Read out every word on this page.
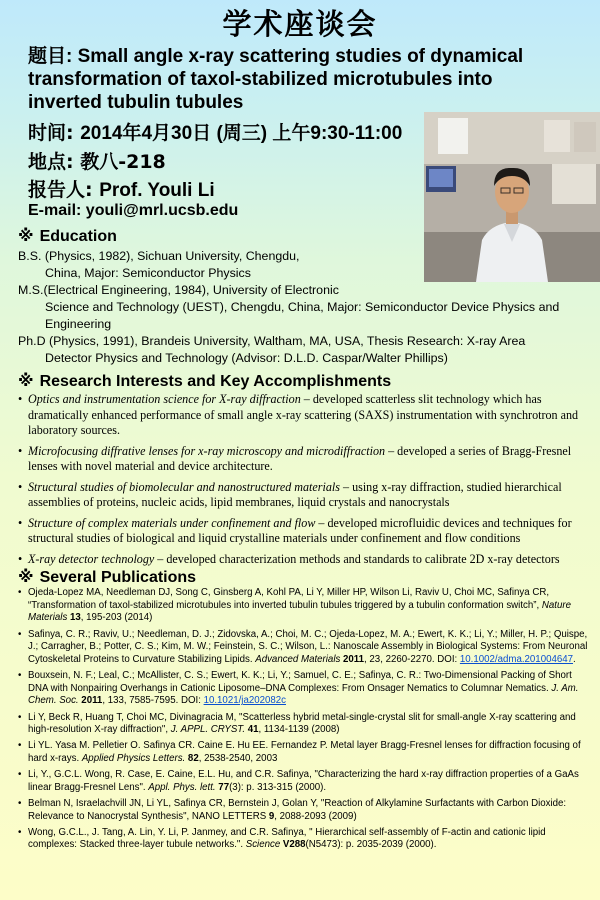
学术座谈会
题目: Small angle x-ray scattering studies of dynamical transformation of taxol-stabilized microtubules into inverted tubulin tubules
时间: 2014年4月30日 (周三) 上午9:30-11:00
地点: 教八-218
报告人: Prof. Youli Li
E-mail: youli@mrl.ucsb.edu
※ Education
B.S. (Physics, 1982), Sichuan University, Chengdu,
China, Major: Semiconductor Physics
M.S.(Electrical Engineering, 1984), University of Electronic
Science and Technology (UEST), Chengdu, China, Major: Semiconductor Device Physics and Engineering
Ph.D (Physics, 1991), Brandeis University, Waltham, MA, USA, Thesis Research: X-ray Area
Detector Physics and Technology (Advisor: D.L.D. Caspar/Walter Phillips)
※ Research Interests and Key Accomplishments
• Optics and instrumentation science for X-ray diffraction – developed scatterless slit technology which has dramatically enhanced performance of small angle x-ray scattering (SAXS) instrumentation with synchrotron and laboratory sources.
• Microfocusing diffrative lenses for x-ray microscopy and microdiffraction – developed a series of Bragg-Fresnel lenses with novel material and device architecture.
• Structural studies of biomolecular and nanostructured materials – using x-ray diffraction, studied hierarchical assemblies of proteins, nucleic acids, lipid membranes, liquid crystals and nanocrystals
• Structure of complex materials under confinement and flow – developed microfluidic devices and techniques for structural studies of biological and liquid crystalline materials under confinement and flow conditions
• X-ray detector technology – developed characterization methods and standards to calibrate 2D x-ray detectors
※ Several Publications
• Ojeda-Lopez MA, Needleman DJ, Song C, Ginsberg A, Kohl PA, Li Y, Miller HP, Wilson Li, Raviv U, Choi MC, Safinya CR, “Transformation of taxol-stabilized microtubules into inverted tubulin tubules triggered by a tubulin conformation switch”, Nature Materials 13, 195-203 (2014)
• Safinya, C. R.; Raviv, U.; Needleman, D. J.; Zidovska, A.; Choi, M. C.; Ojeda-Lopez, M. A.; Ewert, K. K.; Li, Y.; Miller, H. P.; Quispe, J.; Carragher, B.; Potter, C. S.; Kim, M. W.; Feinstein, S. C.; Wilson, L.: Nanoscale Assembly in Biological Systems: From Neuronal Cytoskeletal Proteins to Curvature Stabilizing Lipids. Advanced Materials 2011, 23, 2260-2270. DOI: 10.1002/adma.201004647.
• Bouxsein, N. F.; Leal, C.; McAllister, C. S.; Ewert, K. K.; Li, Y.; Samuel, C. E.; Safinya, C. R.: Two-Dimensional Packing of Short DNA with Nonpairing Overhangs in Cationic Liposome–DNA Complexes: From Onsager Nematics to Columnar Nematics. J. Am. Chem. Soc. 2011, 133, 7585-7595. DOI: 10.1021/ja202082c
• Li Y, Beck R, Huang T, Choi MC, Divinagracia M, "Scatterless hybrid metal-single-crystal slit for small-angle X-ray scattering and high-resolution X-ray diffraction", J. APPL. CRYST. 41, 1134-1139 (2008)
• Li YL. Yasa M. Pelletier O. Safinya CR. Caine E. Hu EE. Fernandez P. Metal layer Bragg-Fresnel lenses for diffraction focusing of hard x-rays. Applied Physics Letters. 82, 2538-2540, 2003
• Li, Y., G.C.L. Wong, R. Case, E. Caine, E.L. Hu, and C.R. Safinya, "Characterizing the hard x-ray diffraction properties of a GaAs linear Bragg-Fresnel Lens". Appl. Phys. lett. 77(3): p. 313-315 (2000).
• Belman N, Israelachvill JN, Li YL, Safinya CR, Bernstein J, Golan Y, "Reaction of Alkylamine Surfactants with Carbon Dioxide: Relevance to Nanocrystal Synthesis", NANO LETTERS 9, 2088-2093 (2009)
• Wong, G.C.L., J. Tang, A. Lin, Y. Li, P. Janmey, and C.R. Safinya, " Hierarchical self-assembly of F-actin and cationic lipid complexes: Stacked three-layer tubule networks.". Science V288(N5473): p. 2035-2039 (2000).
